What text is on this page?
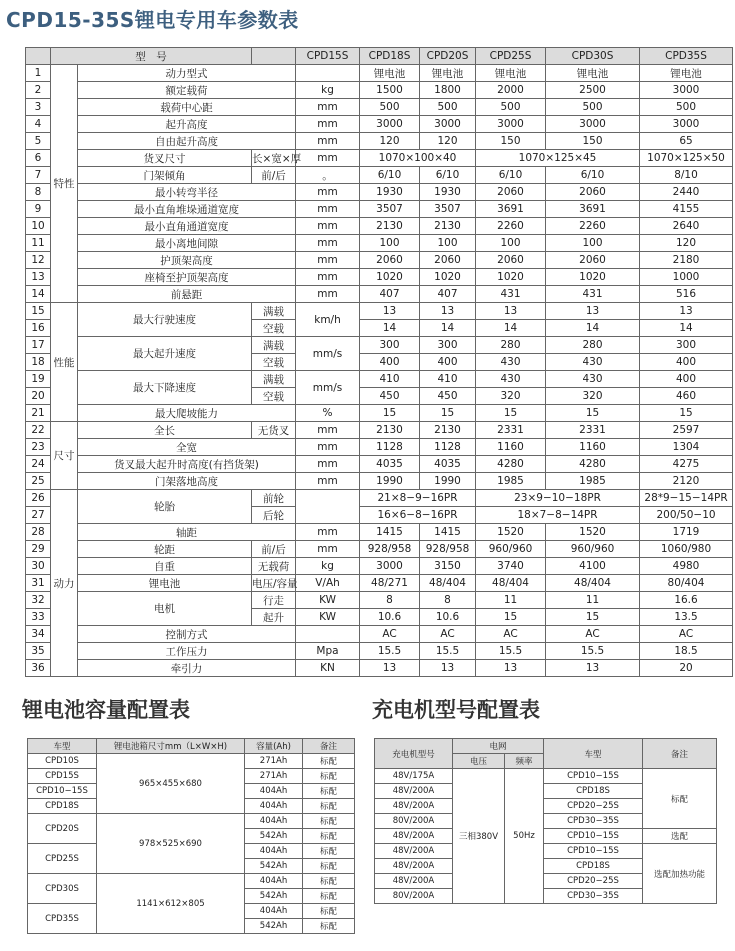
CPD15-35S锂电专用车参数表
	型　号			CPD15S	CPD18S	CPD20S	CPD25S	CPD30S	CPD35S	
1	特性	动力型式			锂电池	锂电池	锂电池	锂电池	锂电池	
2		额定载荷		kg	1500	1800	2000	2500	3000	
3		载荷中心距		mm	500	500	500	500	500	
4		起升高度		mm	3000	3000	3000	3000	3000	
5		自由起升高度		mm	120	120	150	150	65	
6		货叉尺寸	长×宽×厚	mm	1070×100×40		1070×125×45		1070×125×50	
7		门架倾角	前/后	。	6/10	6/10	6/10	6/10	8/10	
8		最小转弯半径		mm	1930	1930	2060	2060	2440	
9		最小直角堆垛通道宽度		mm	3507	3507	3691	3691	4155	
10		最小直角通道宽度		mm	2130	2130	2260	2260	2640	
11		最小离地间隙		mm	100	100	100	100	120	
12		护顶架高度		mm	2060	2060	2060	2060	2180	
13		座椅至护顶架高度		mm	1020	1020	1020	1020	1000	
14		前悬距		mm	407	407	431	431	516	
15	性能	最大行驶速度	满载	km/h	13	13	13	13	13	
16			空载		14	14	14	14	14	
17		最大起升速度	满载	mm/s	300	300	280	280	300	
18			空载		400	400	430	430	400	
19		最大下降速度	满载	mm/s	410	410	430	430	400	
20			空载		450	450	320	320	460	
21		最大爬坡能力		%	15	15	15	15	15	
22	尺寸	全长	无货叉	mm	2130	2130	2331	2331	2597	
23		全宽		mm	1128	1128	1160	1160	1304	
24		货叉最大起升时高度(有挡货架)		mm	4035	4035	4280	4280	4275	
25		门架落地高度		mm	1990	1990	1985	1985	2120	
26	动力	轮胎	前轮		21×8−9−16PR		23×9−10−18PR		28*9−15−14PR	
27			后轮		16×6−8−16PR		18×7−8−14PR		200/50−10	
28		轴距		mm	1415	1415	1520	1520	1719	
29		轮距	前/后	mm	928/958	928/958	960/960	960/960	1060/980	
30		自重	无载荷	kg	3000	3150	3740	4100	4980	
31		锂电池	电压/容量	V/Ah	48/271	48/404	48/404	48/404	80/404	
32		电机	行走	KW	8	8	11	11	16.6	
33			起升	KW	10.6	10.6	15	15	13.5	
34		控制方式			AC	AC	AC	AC	AC	
35		工作压力		Mpa	15.5	15.5	15.5	15.5	18.5	
36		牵引力		KN	13	13	13	13	20	
锂电池容量配置表
车型	锂电池箱尺寸mm（L×W×H)	容量(Ah)	备注
CPD10S	965×455×680	271Ah	标配
CPD15S		271Ah	标配
CPD10−15S		404Ah	标配
CPD18S		404Ah	标配
CPD20S	978×525×690	404Ah	标配
		542Ah	标配
CPD25S		404Ah	标配
		542Ah	标配
CPD30S	1141×612×805	404Ah	标配
		542Ah	标配
CPD35S		404Ah	标配
		542Ah	标配
充电机型号配置表
充电机型号	电网		车型	备注
	电压	频率		
48V/175A	三相380V	50Hz	CPD10−15S	标配
48V/200A			CPD18S	
48V/200A			CPD20−25S	
80V/200A			CPD30−35S	
48V/200A			CPD10−15S	选配
48V/200A			CPD10−15S	选配加热功能
48V/200A			CPD18S	
48V/200A			CPD20−25S	
80V/200A			CPD30−35S	
